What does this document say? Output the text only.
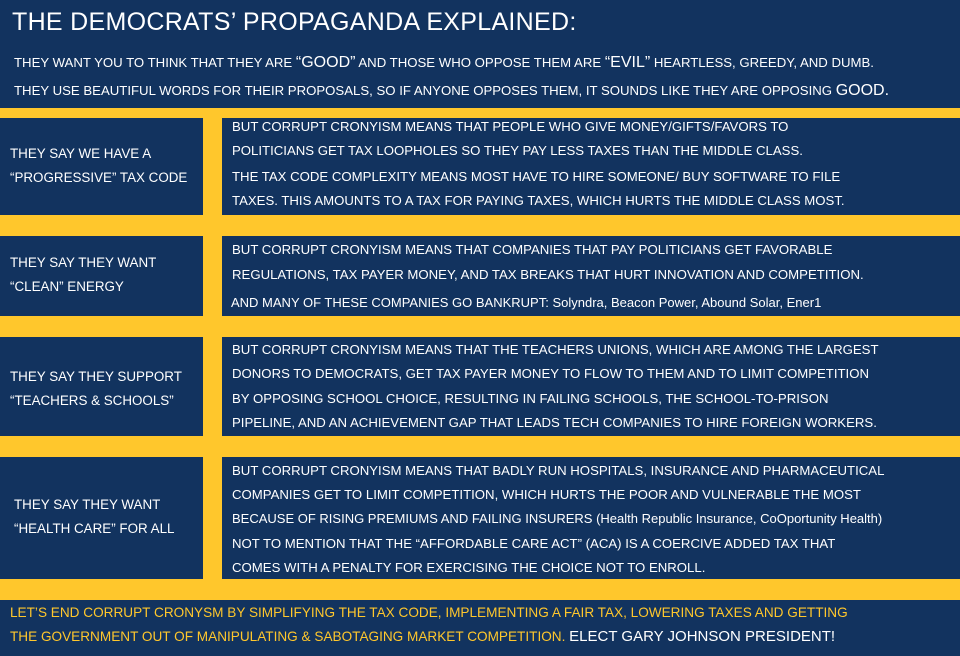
THE DEMOCRATS’ PROPAGANDA EXPLAINED:
THEY WANT YOU TO THINK THAT THEY ARE “GOOD” AND THOSE WHO OPPOSE THEM ARE “EVIL” HEARTLESS, GREEDY, AND DUMB.
THEY USE BEAUTIFUL WORDS FOR THEIR PROPOSALS, SO IF ANYONE OPPOSES THEM, IT SOUNDS LIKE THEY ARE OPPOSING GOOD.
THEY SAY WE HAVE A
“PROGRESSIVE” TAX CODE
BUT CORRUPT CRONYISM MEANS THAT PEOPLE WHO GIVE MONEY/GIFTS/FAVORS TO
POLITICIANS GET TAX LOOPHOLES SO THEY PAY LESS TAXES THAN THE MIDDLE CLASS.
THE TAX CODE COMPLEXITY MEANS MOST HAVE TO HIRE SOMEONE/ BUY SOFTWARE TO FILE
TAXES. THIS AMOUNTS TO A TAX FOR PAYING TAXES, WHICH HURTS THE MIDDLE CLASS MOST.
THEY SAY THEY WANT
“CLEAN” ENERGY
BUT CORRUPT CRONYISM MEANS THAT COMPANIES THAT PAY POLITICIANS GET FAVORABLE
REGULATIONS, TAX PAYER MONEY, AND TAX BREAKS THAT HURT INNOVATION AND COMPETITION.
AND MANY OF THESE COMPANIES GO BANKRUPT: Solyndra, Beacon Power, Abound Solar, Ener1
THEY SAY THEY SUPPORT
“TEACHERS & SCHOOLS”
BUT CORRUPT CRONYISM MEANS THAT THE TEACHERS UNIONS, WHICH ARE AMONG THE LARGEST
DONORS TO DEMOCRATS, GET TAX PAYER MONEY TO FLOW TO THEM AND TO LIMIT COMPETITION
BY OPPOSING SCHOOL CHOICE, RESULTING IN FAILING SCHOOLS, THE SCHOOL-TO-PRISON
PIPELINE, AND AN ACHIEVEMENT GAP THAT LEADS TECH COMPANIES TO HIRE FOREIGN WORKERS.
THEY SAY THEY WANT
“HEALTH CARE” FOR ALL
BUT CORRUPT CRONYISM MEANS THAT BADLY RUN HOSPITALS, INSURANCE AND PHARMACEUTICAL
COMPANIES GET TO LIMIT COMPETITION, WHICH HURTS THE POOR AND VULNERABLE THE MOST
BECAUSE OF RISING PREMIUMS AND FAILING INSURERS (Health Republic Insurance, CoOportunity Health)
NOT TO MENTION THAT THE “AFFORDABLE CARE ACT” (ACA) IS A COERCIVE ADDED TAX THAT
COMES WITH A PENALTY FOR EXERCISING THE CHOICE NOT TO ENROLL.
LET’S END CORRUPT CRONYSM BY SIMPLIFYING THE TAX CODE, IMPLEMENTING A FAIR TAX, LOWERING TAXES AND GETTING
THE GOVERNMENT OUT OF MANIPULATING & SABOTAGING MARKET COMPETITION. ELECT GARY JOHNSON PRESIDENT!
